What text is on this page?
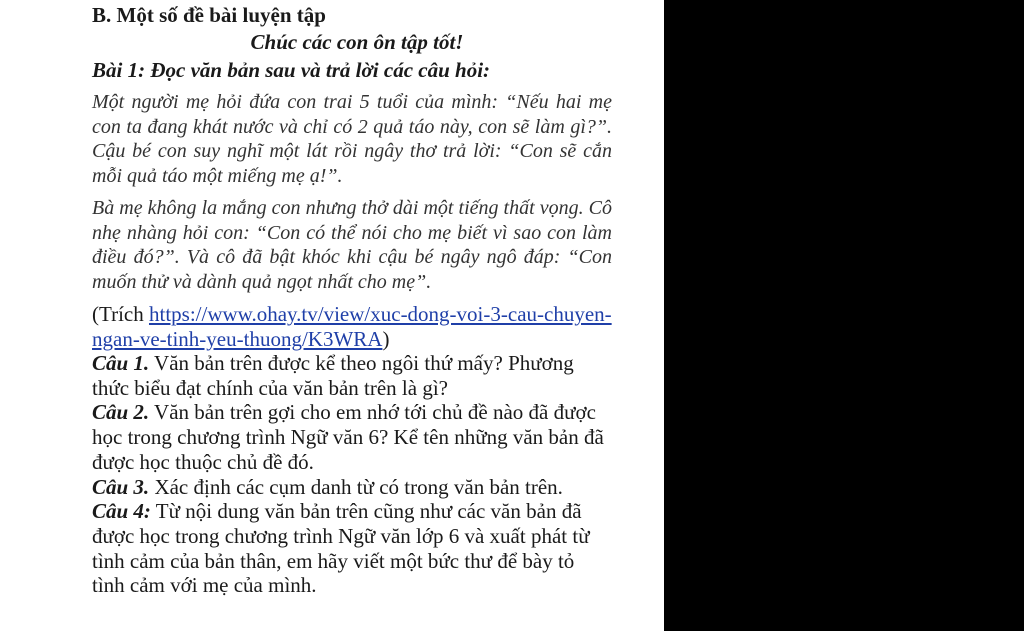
B. Một số đề bài luyện tập

Chúc các con ôn tập tốt!

Bài 1: Đọc văn bản sau và trả lời các câu hỏi:

Một người mẹ hỏi đứa con trai 5 tuổi của mình: “Nếu hai mẹ con ta đang khát nước và chỉ có 2 quả táo này, con sẽ làm gì?”. Cậu bé con suy nghĩ một lát rồi ngây thơ trả lời: “Con sẽ cắn mỗi quả táo một miếng mẹ ạ!”.

Bà mẹ không la mắng con nhưng thở dài một tiếng thất vọng. Cô nhẹ nhàng hỏi con: “Con có thể nói cho mẹ biết vì sao con làm điều đó?”. Và cô đã bật khóc khi cậu bé ngây ngô đáp: “Con muốn thử và dành quả ngọt nhất cho mẹ”.

(Trích https://www.ohay.tv/view/xuc-dong-voi-3-cau-chuyen-ngan-ve-tinh-yeu-thuong/K3WRA)

Câu 1. Văn bản trên được kể theo ngôi thứ mấy? Phương thức biểu đạt chính của văn bản trên là gì?

Câu 2. Văn bản trên gợi cho em nhớ tới chủ đề nào đã được học trong chương trình Ngữ văn 6? Kể tên những văn bản đã được học thuộc chủ đề đó.

Câu 3. Xác định các cụm danh từ có trong văn bản trên.

Câu 4: Từ nội dung văn bản trên cũng như các văn bản đã được học trong chương trình Ngữ văn lớp 6 và xuất phát từ tình cảm của bản thân, em hãy viết một bức thư để bày tỏ tình cảm với mẹ của mình.
